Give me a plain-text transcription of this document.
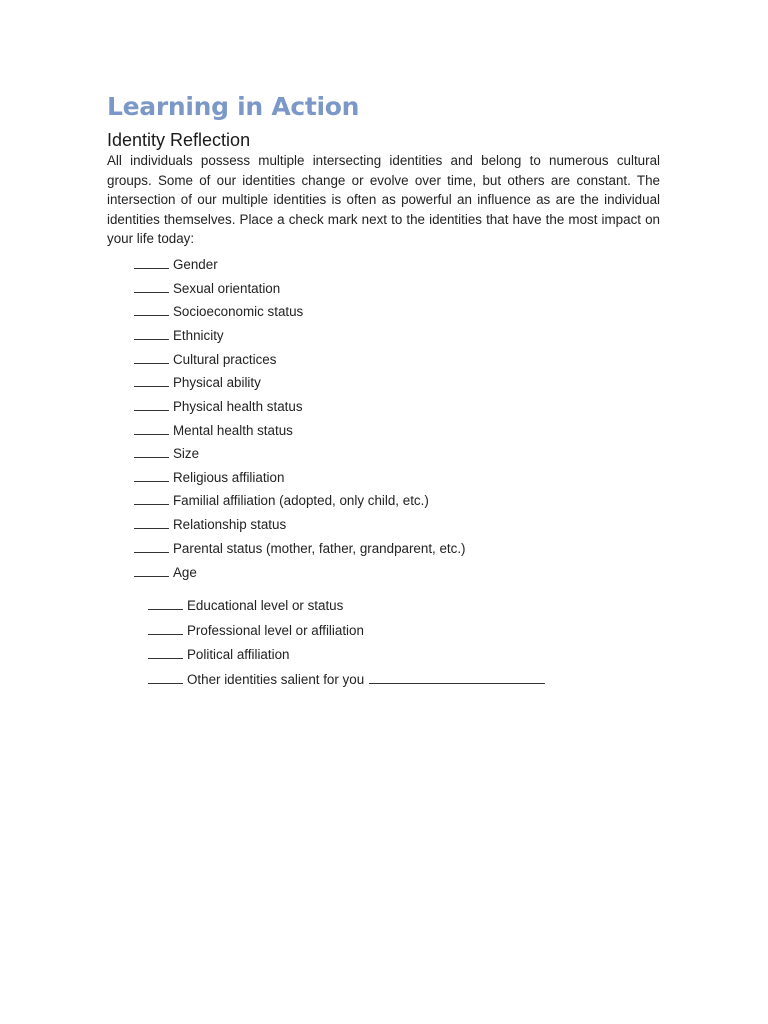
Learning in Action
Identity Reflection

All individuals possess multiple intersecting identities and belong to numerous cultural groups. Some of our identities change or evolve over time, but others are constant. The intersection of our multiple identities is often as powerful an influence as are the individual identities themselves. Place a check mark next to the identities that have the most impact on your life today:

Gender
Sexual orientation
Socioeconomic status
Ethnicity
Cultural practices
Physical ability
Physical health status
Mental health status
Size
Religious affiliation
Familial affiliation (adopted, only child, etc.)
Relationship status
Parental status (mother, father, grandparent, etc.)
Age
Educational level or status
Professional level or affiliation
Political affiliation
Other identities salient for you
